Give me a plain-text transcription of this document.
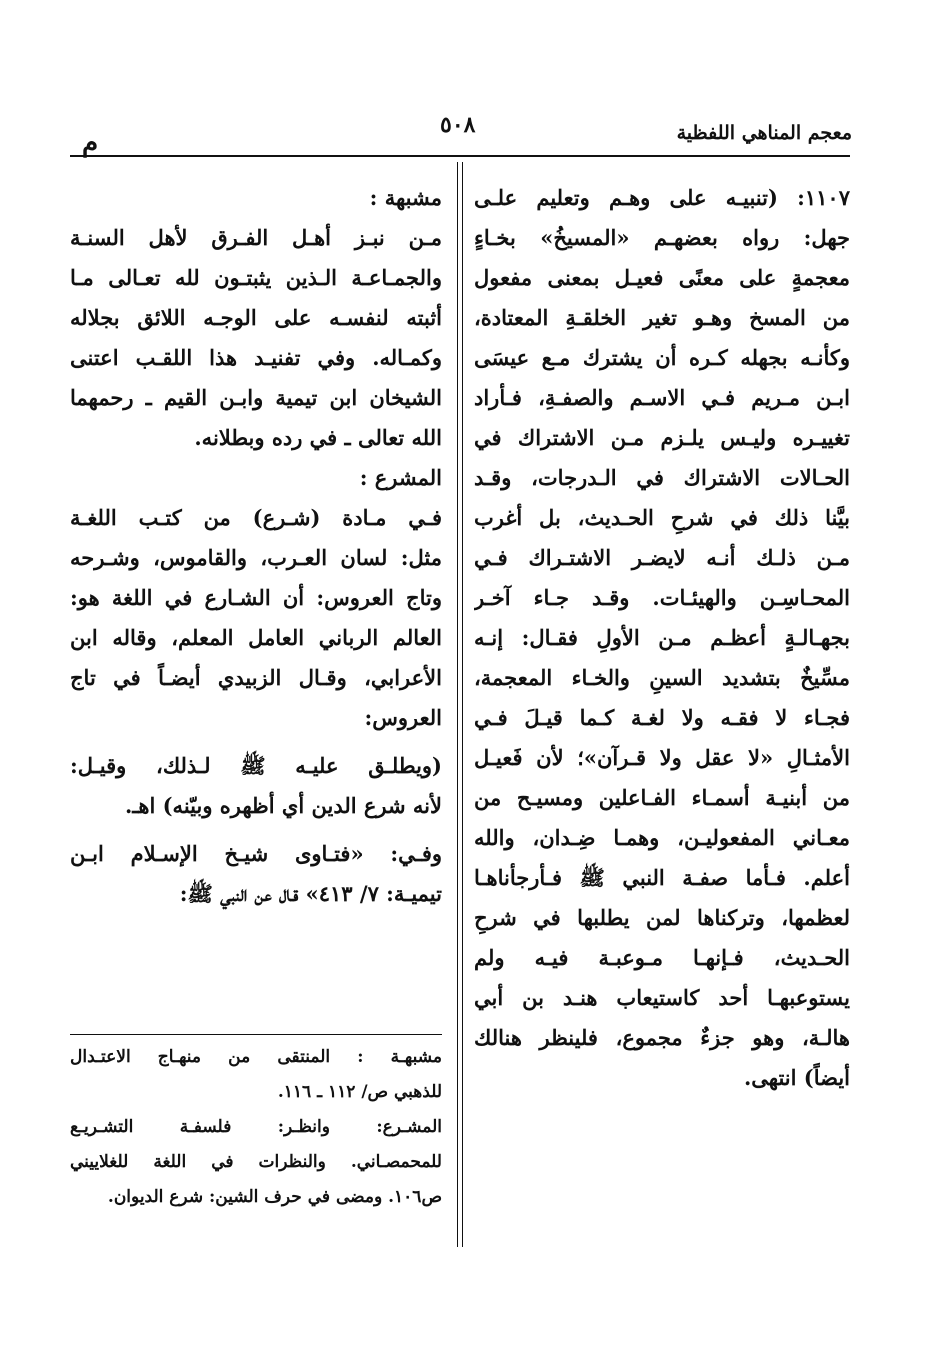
معجم المناهي اللفظية
٥٠٨
م
١١٠٧: (تنبيـه على وهـم وتعليم علـى
جهل: رواه بعضهـم «المسيخُ» بخـاءٍ
معجمةٍ على معنًى فعيـل بمعنى مفعول
من المسخ وهـو تغير الخلقـةِ المعتادة،
وكأنـه بجهله كـره أن يشترك مـع عيسَى
ابـن مـريم فـي الاسـم والصفـةِ، فـأراد
تغييـره وليـس يلـزم مـن الاشتراك في
الحـالات الاشتراك في الـدرجات، وقـد
بيَّنا ذلك في شرحِ الحـديث، بل أغرب
مـن ذلـك أنـه لايضـر الاشتـراك فـي
المحـاسِـن والهيئـات. وقـد جـاء آخـر
بجهـالـةٍ أعظـم مـن الأولِ فقـال: إنـه
مسِّيخٌ بتشديد السينِ والخـاء المعجمة،
فجـاء لا فقـه ولا لغـة كـما قيـلَ فـي
الأمثـالِ «لا عقل ولا قـرآن»؛ لأن فَعيـل
من أبنيـة أسمـاء الفـاعلين ومسيـح من
معـاني المفعوليـن، وهمـا ضِـدان، والله
أعلم. فـأما صفـة النبي ﷺ فـأرجأناهـا
لعظمها، وتركناها لمن يطلبها في شرحِ
الحـديث، فـإنهـا مـوعبـة فيـه ولم
يستوعبهـا أحد كاستيعاب هنـد بن أبي
هالـة، وهو جزءٌ مجموع، فلينظر هنالك
أيضاً) انتهى.
مشبهة :
مـن نبـز أهـل الفـرق لأهل السنـة
والجمـاعـة الـذين يثبتـون لله تعـالى مـا
أثبته لنفسـه على الوجـه اللائق بجلاله
وكمـاله. وفي تفنيـد هذا اللقـب اعتنى
الشيخان ابن تيمية وابـن القيم ـ رحمهما
الله تعالى ـ في رده وبطلانه.
المشرع :
فـي مـادة (شـرع) من كتـب اللغـة
مثل: لسان العـرب، والقاموس، وشـرحه
وتاج العروس: أن الشـارع في اللغة هو:
العالم الرباني العامل المعلم، وقاله ابن
الأعرابي، وقـال الزبيدي أيضـاً في تاج
العروس:
(ويطلـق عليـه ﷺ لـذلك، وقيـل:
لأنه شرع الدين أي أظهره وبيّنه) اهـ.
وفـي: «فتـاوى شيـخ الإسـلام ابـن
تيميـة: ٧/ ٤١٣» قـال عن النبي ﷺ:
مشبهـة : المنتقى من منهـاج الاعتـدال
للذهبي ص/ ١١٢ ـ ١١٦.
المشـرع: وانظـر: فلسفـة التشـريـع
للمحمصـاني. والنظرات في اللغة للغلاييني
ص١٠٦. ومضى في حرف الشين: شرع الديوان.
